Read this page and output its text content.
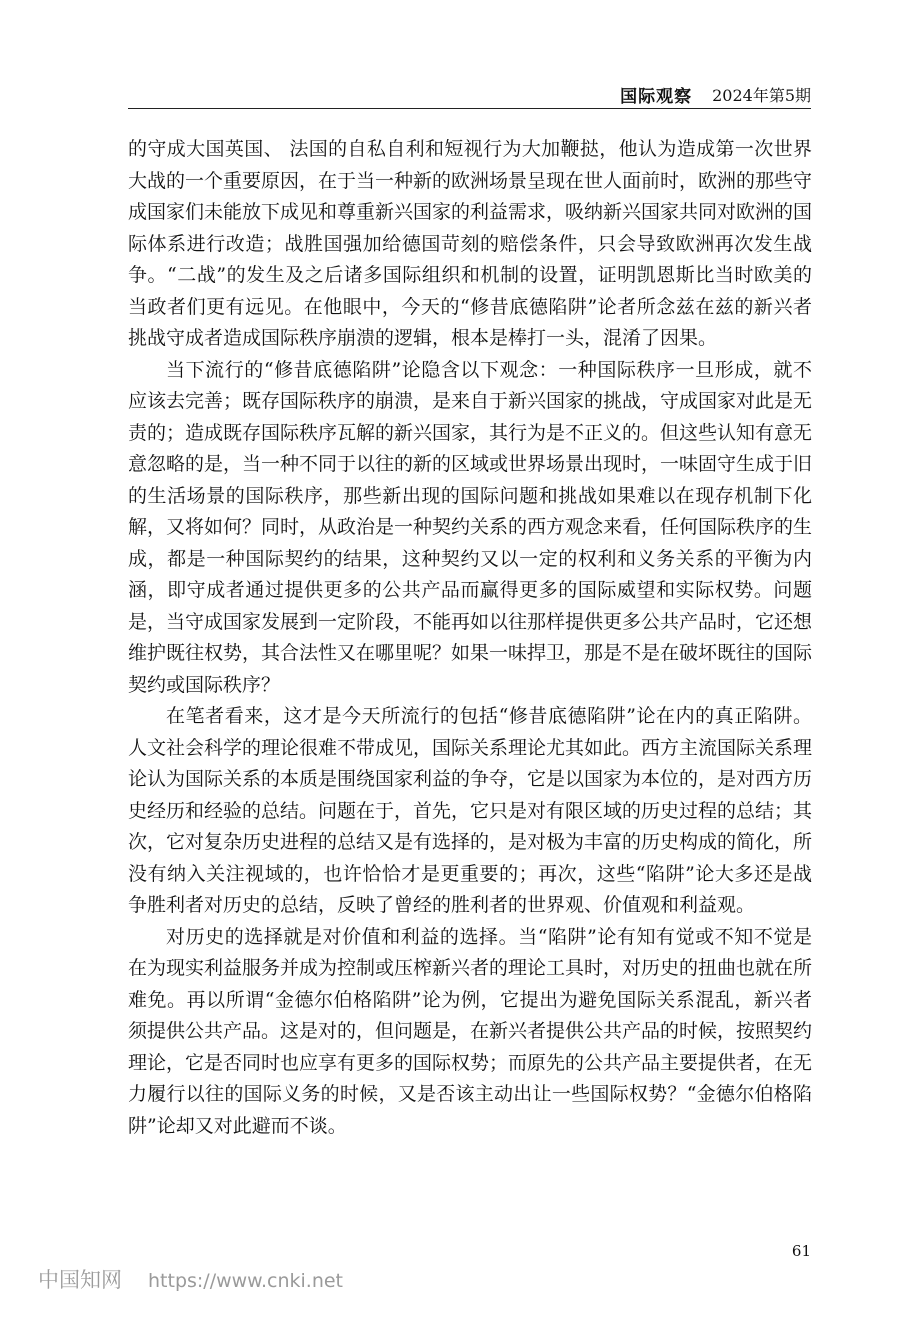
国际观察 2024年第5期

的守成大国英国、 法国的自私自利和短视行为大加鞭挞，他认为造成第一次世界大战的一个重要原因，在于当一种新的欧洲场景呈现在世人面前时，欧洲的那些守成国家们未能放下成见和尊重新兴国家的利益需求，吸纳新兴国家共同对欧洲的国际体系进行改造；战胜国强加给德国苛刻的赔偿条件，只会导致欧洲再次发生战争。“二战”的发生及之后诸多国际组织和机制的设置，证明凯恩斯比当时欧美的当政者们更有远见。在他眼中，今天的“修昔底德陷阱”论者所念兹在兹的新兴者挑战守成者造成国际秩序崩溃的逻辑，根本是棒打一头，混淆了因果。

当下流行的“修昔底德陷阱”论隐含以下观念：一种国际秩序一旦形成，就不应该去完善；既存国际秩序的崩溃，是来自于新兴国家的挑战，守成国家对此是无责的；造成既存国际秩序瓦解的新兴国家，其行为是不正义的。但这些认知有意无意忽略的是，当一种不同于以往的新的区域或世界场景出现时，一味固守生成于旧的生活场景的国际秩序，那些新出现的国际问题和挑战如果难以在现存机制下化解，又将如何？同时，从政治是一种契约关系的西方观念来看，任何国际秩序的生成，都是一种国际契约的结果，这种契约又以一定的权利和义务关系的平衡为内涵，即守成者通过提供更多的公共产品而赢得更多的国际威望和实际权势。问题是，当守成国家发展到一定阶段，不能再如以往那样提供更多公共产品时，它还想维护既往权势，其合法性又在哪里呢？如果一味捍卫，那是不是在破坏既往的国际契约或国际秩序？

在笔者看来，这才是今天所流行的包括“修昔底德陷阱”论在内的真正陷阱。人文社会科学的理论很难不带成见，国际关系理论尤其如此。西方主流国际关系理论认为国际关系的本质是围绕国家利益的争夺，它是以国家为本位的，是对西方历史经历和经验的总结。问题在于，首先，它只是对有限区域的历史过程的总结；其次，它对复杂历史进程的总结又是有选择的，是对极为丰富的历史构成的简化，所没有纳入关注视域的，也许恰恰才是更重要的；再次，这些“陷阱”论大多还是战争胜利者对历史的总结，反映了曾经的胜利者的世界观、价值观和利益观。

对历史的选择就是对价值和利益的选择。当“陷阱”论有知有觉或不知不觉是在为现实利益服务并成为控制或压榨新兴者的理论工具时，对历史的扭曲也就在所难免。再以所谓“金德尔伯格陷阱”论为例，它提出为避免国际关系混乱，新兴者须提供公共产品。这是对的，但问题是，在新兴者提供公共产品的时候，按照契约理论，它是否同时也应享有更多的国际权势；而原先的公共产品主要提供者，在无力履行以往的国际义务的时候，又是否该主动出让一些国际权势？“金德尔伯格陷阱”论却又对此避而不谈。

61
中国知网 https://www.cnki.net
